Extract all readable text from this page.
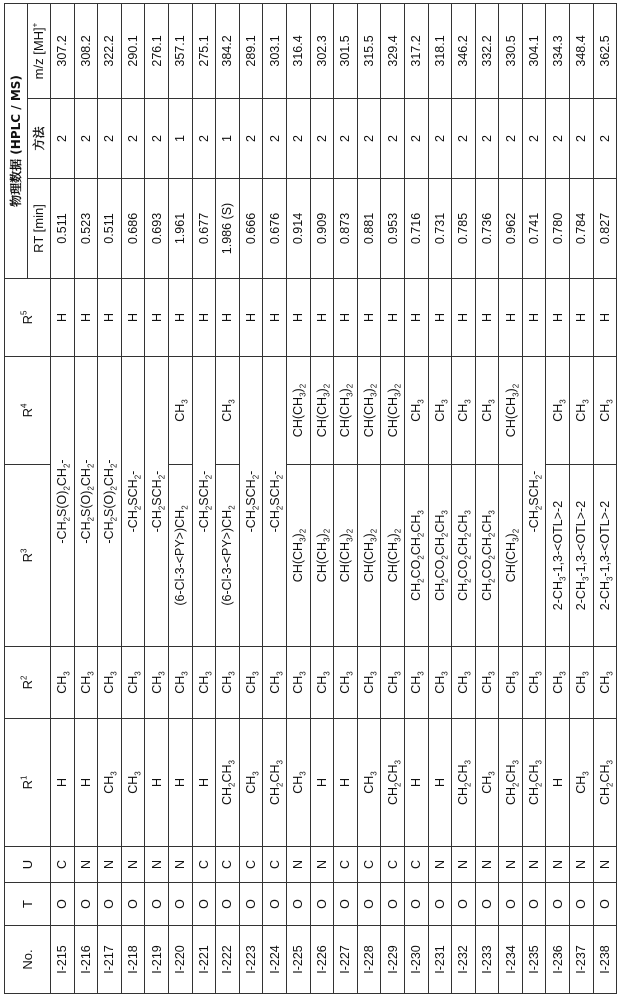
No.	T	U	$R^1$	$R^2$	$R^3$	$R^4$	$R^5$	物理数据 (HPLC / MS)		
								RT [min]	方法	m/z [MH]+
I-215	O	C	H	$CH_3$	$-CH_2S(O)_2CH_2-$		H	0.511	2	307.2
I-216	O	N	H	$CH_3$	$-CH_2S(O)_2CH_2-$		H	0.523	2	308.2
I-217	O	N	$CH_3$	$CH_3$	$-CH_2S(O)_2CH_2-$		H	0.511	2	322.2
I-218	O	N	$CH_3$	$CH_3$	$-CH_2SCH_2-$		H	0.686	2	290.1
I-219	O	N	H	$CH_3$	$-CH_2SCH_2-$		H	0.693	2	276.1
I-220	O	N	H	$CH_3$	$(6-Cl-3-<PY>)CH_2$	$CH_3$	H	1.961	1	357.1
I-221	O	C	H	$CH_3$	$-CH_2SCH_2-$		H	0.677	2	275.1
I-222	O	C	$CH_2CH_3$	$CH_3$	$(6-Cl-3-<PY>)CH_2$	$CH_3$	H	1.986 (S)	1	384.2
I-223	O	C	$CH_3$	$CH_3$	$-CH_2SCH_2-$		H	0.666	2	289.1
I-224	O	C	$CH_2CH_3$	$CH_3$	$-CH_2SCH_2-$		H	0.676	2	303.1
I-225	O	N	$CH_3$	$CH_3$	$CH(CH_3)_2$	$CH(CH_3)_2$	H	0.914	2	316.4
I-226	O	N	H	$CH_3$	$CH(CH_3)_2$	$CH(CH_3)_2$	H	0.909	2	302.3
I-227	O	C	H	$CH_3$	$CH(CH_3)_2$	$CH(CH_3)_2$	H	0.873	2	301.5
I-228	O	C	$CH_3$	$CH_3$	$CH(CH_3)_2$	$CH(CH_3)_2$	H	0.881	2	315.5
I-229	O	C	$CH_2CH_3$	$CH_3$	$CH(CH_3)_2$	$CH(CH_3)_2$	H	0.953	2	329.4
I-230	O	C	H	$CH_3$	$CH_2CO_2CH_2CH_3$	$CH_3$	H	0.716	2	317.2
I-231	O	N	H	$CH_3$	$CH_2CO_2CH_2CH_3$	$CH_3$	H	0.731	2	318.1
I-232	O	N	$CH_2CH_3$	$CH_3$	$CH_2CO_2CH_2CH_3$	$CH_3$	H	0.785	2	346.2
I-233	O	N	$CH_3$	$CH_3$	$CH_2CO_2CH_2CH_3$	$CH_3$	H	0.736	2	332.2
I-234	O	N	$CH_2CH_3$	$CH_3$	$CH(CH_3)_2$	$CH(CH_3)_2$	H	0.962	2	330.5
I-235	O	N	$CH_2CH_3$	$CH_3$	$-CH_2SCH_2-$		H	0.741	2	304.1
I-236	O	N	H	$CH_3$	$2-CH_3-1,3-<OTL>-2$	$CH_3$	H	0.780	2	334.3
I-237	O	N	$CH_3$	$CH_3$	$2-CH_3-1,3-<OTL>-2$	$CH_3$	H	0.784	2	348.4
I-238	O	N	$CH_2CH_3$	$CH_3$	$2-CH_3-1,3-<OTL>-2$	$CH_3$	H	0.827	2	362.5
